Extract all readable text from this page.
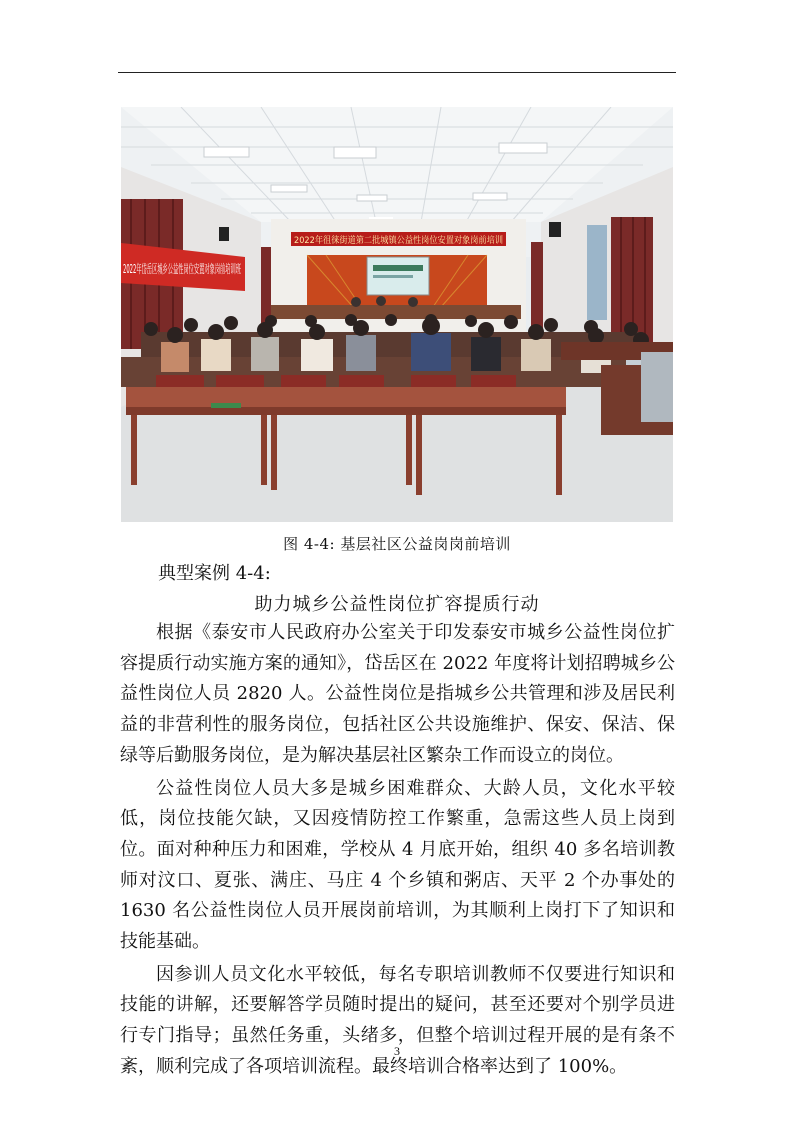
2022年徂徕街道第二批城镇公益性岗位安置对象岗前培训
图 4-4: 基层社区公益岗岗前培训
典型案例 4-4:
助力城乡公益性岗位扩容提质行动

根据《泰安市人民政府办公室关于印发泰安市城乡公益性岗位扩容提质行动实施方案的通知》，岱岳区在 2022 年度将计划招聘城乡公益性岗位人员 2820 人。公益性岗位是指城乡公共管理和涉及居民利益的非营利性的服务岗位，包括社区公共设施维护、保安、保洁、保绿等后勤服务岗位，是为解决基层社区繁杂工作而设立的岗位。

公益性岗位人员大多是城乡困难群众、大龄人员，文化水平较低，岗位技能欠缺，又因疫情防控工作繁重，急需这些人员上岗到位。面对种种压力和困难，学校从 4 月底开始，组织 40 多名培训教师对汶口、夏张、满庄、马庄 4 个乡镇和粥店、天平 2 个办事处的 1630 名公益性岗位人员开展岗前培训，为其顺利上岗打下了知识和技能基础。

因参训人员文化水平较低，每名专职培训教师不仅要进行知识和技能的讲解，还要解答学员随时提出的疑问，甚至还要对个别学员进行专门指导；虽然任务重，头绪多，但整个培训过程开展的是有条不紊，顺利完成了各项培训流程。最终培训合格率达到了 100%。

3
